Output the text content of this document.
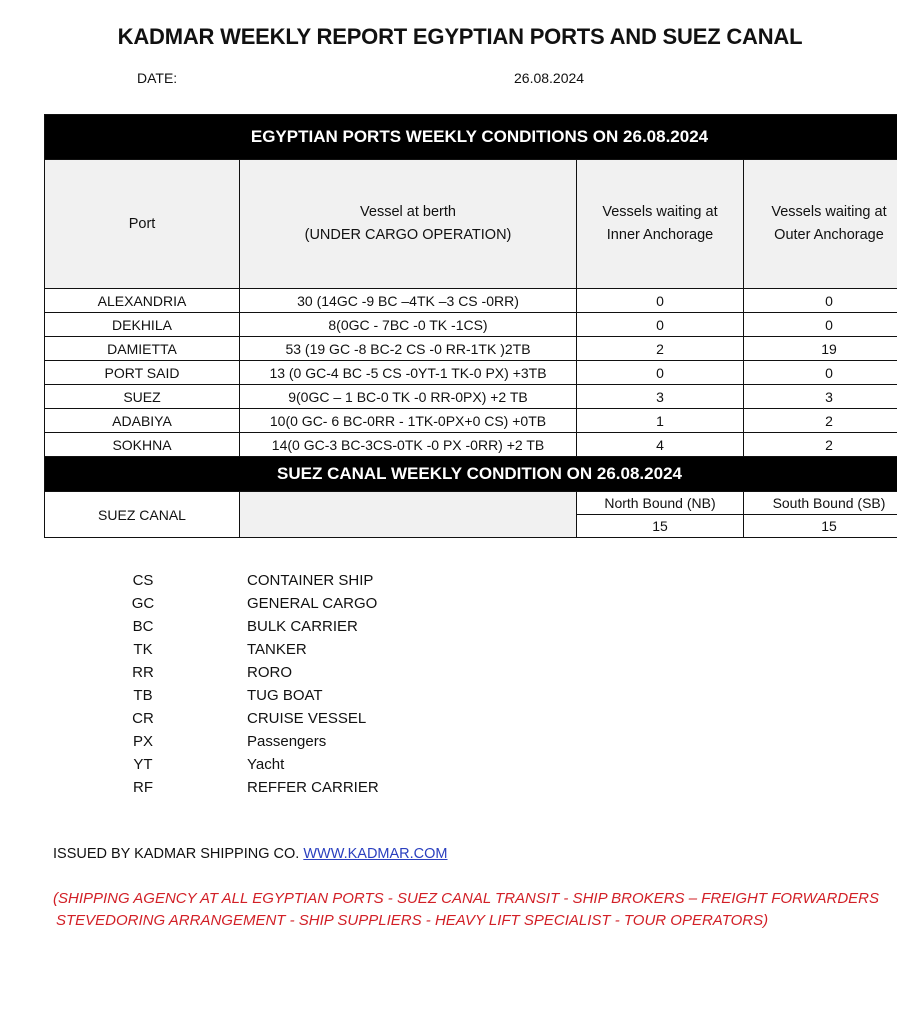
KADMAR WEEKLY REPORT EGYPTIAN PORTS AND SUEZ CANAL
DATE:	26.08.2024
EGYPTIAN PORTS WEEKLY CONDITIONS ON 26.08.2024			
Port	
Vessel at berth
(UNDER CARGO OPERATION)

Vessels waiting at
Inner Anchorage

Vessels waiting at
Outer Anchorage

ALEXANDRIA	30 (14GC -9 BC –4TK –3 CS -0RR)	0	0
DEKHILA	8(0GC - 7BC -0 TK -1CS)	0	0
DAMIETTA	53 (19 GC -8 BC-2 CS -0 RR-1TK )2TB	2	19
PORT SAID	13 (0 GC-4 BC -5 CS -0YT-1 TK-0 PX) +3TB	0	0
SUEZ	9(0GC – 1 BC-0 TK -0 RR-0PX) +2 TB	3	3
ADABIYA	10(0 GC- 6 BC-0RR - 1TK-0PX+0 CS) +0TB	1	2
SOKHNA	14(0 GC-3 BC-3CS-0TK -0 PX -0RR) +2 TB	4	2
SUEZ CANAL WEEKLY CONDITION ON 26.08.2024			
SUEZ CANAL		North Bound (NB)	South Bound (SB)
		15	15
CS	CONTAINER SHIP
GC	GENERAL CARGO
BC	BULK CARRIER
TK	TANKER
RR	RORO
TB	TUG BOAT
CR	CRUISE VESSEL
PX	Passengers
YT	Yacht
RF	REFFER CARRIER
ISSUED BY KADMAR SHIPPING CO. WWW.KADMAR.COM
(SHIPPING AGENCY AT ALL EGYPTIAN PORTS - SUEZ CANAL TRANSIT - SHIP BROKERS – FREIGHT FORWARDERS
STEVEDORING ARRANGEMENT - SHIP SUPPLIERS - HEAVY LIFT SPECIALIST - TOUR OPERATORS)
